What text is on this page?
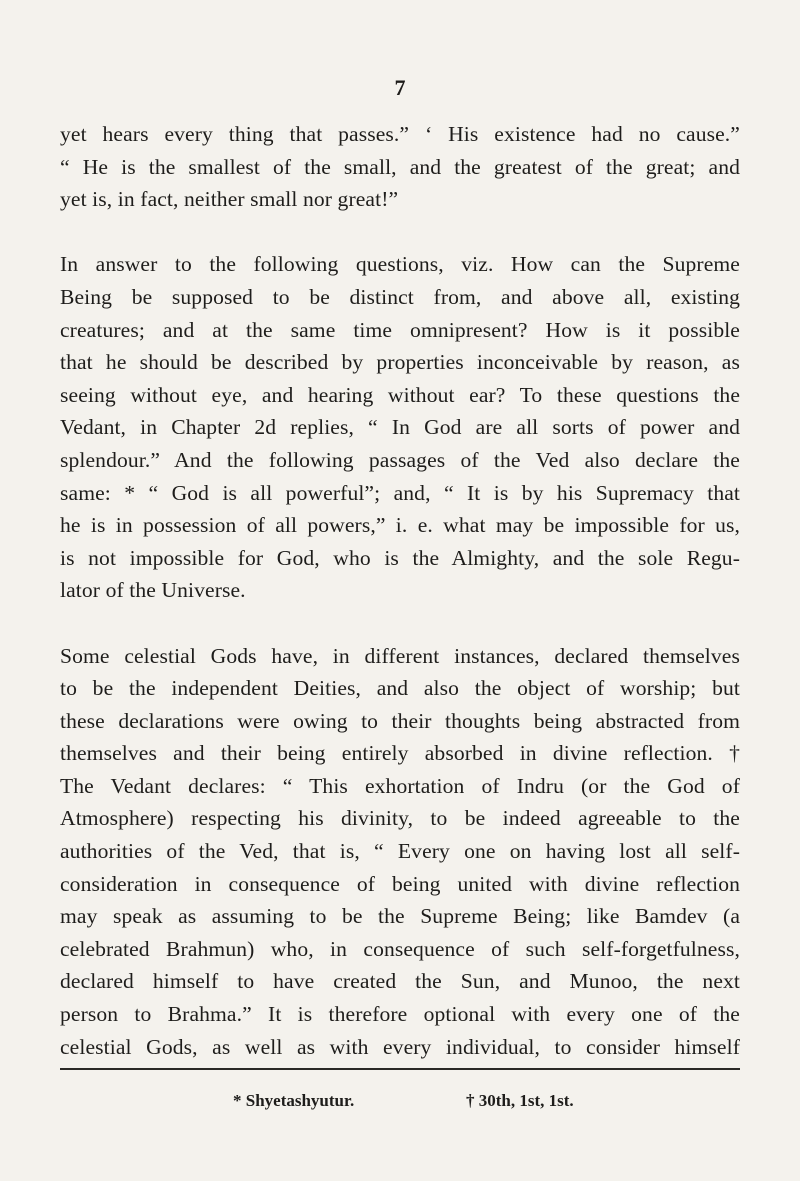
7
yet hears every thing that passes.” ‘ His existence had no cause.”
“ He is the smallest of the small, and the greatest of the great; and
yet is, in fact, neither small nor great!”
In answer to the following questions, viz. How can the Supreme
Being be supposed to be distinct from, and above all, existing
creatures; and at the same time omnipresent? How is it possible
that he should be described by properties inconceivable by reason, as
seeing without eye, and hearing without ear? To these questions the
Vedant, in Chapter 2d replies, “ In God are all sorts of power and
splendour.” And the following passages of the Ved also declare the
same: * “ God is all powerful”; and, “ It is by his Supremacy that
he is in possession of all powers,” i. e. what may be impossible for us,
is not impossible for God, who is the Almighty, and the sole Regu-
lator of the Universe.
Some celestial Gods have, in different instances, declared themselves
to be the independent Deities, and also the object of worship; but
these declarations were owing to their thoughts being abstracted from
themselves and their being entirely absorbed in divine reflection. †
The Vedant declares: “ This exhortation of Indru (or the God of
Atmosphere) respecting his divinity, to be indeed agreeable to the
authorities of the Ved, that is, “ Every one on having lost all self-
consideration in consequence of being united with divine reflection
may speak as assuming to be the Supreme Being; like Bamdev (a
celebrated Brahmun) who, in consequence of such self-forgetfulness,
declared himself to have created the Sun, and Munoo, the next
person to Brahma.” It is therefore optional with every one of the
celestial Gods, as well as with every individual, to consider himself
* Shyetashyutur.	† 30th, 1st, 1st.
